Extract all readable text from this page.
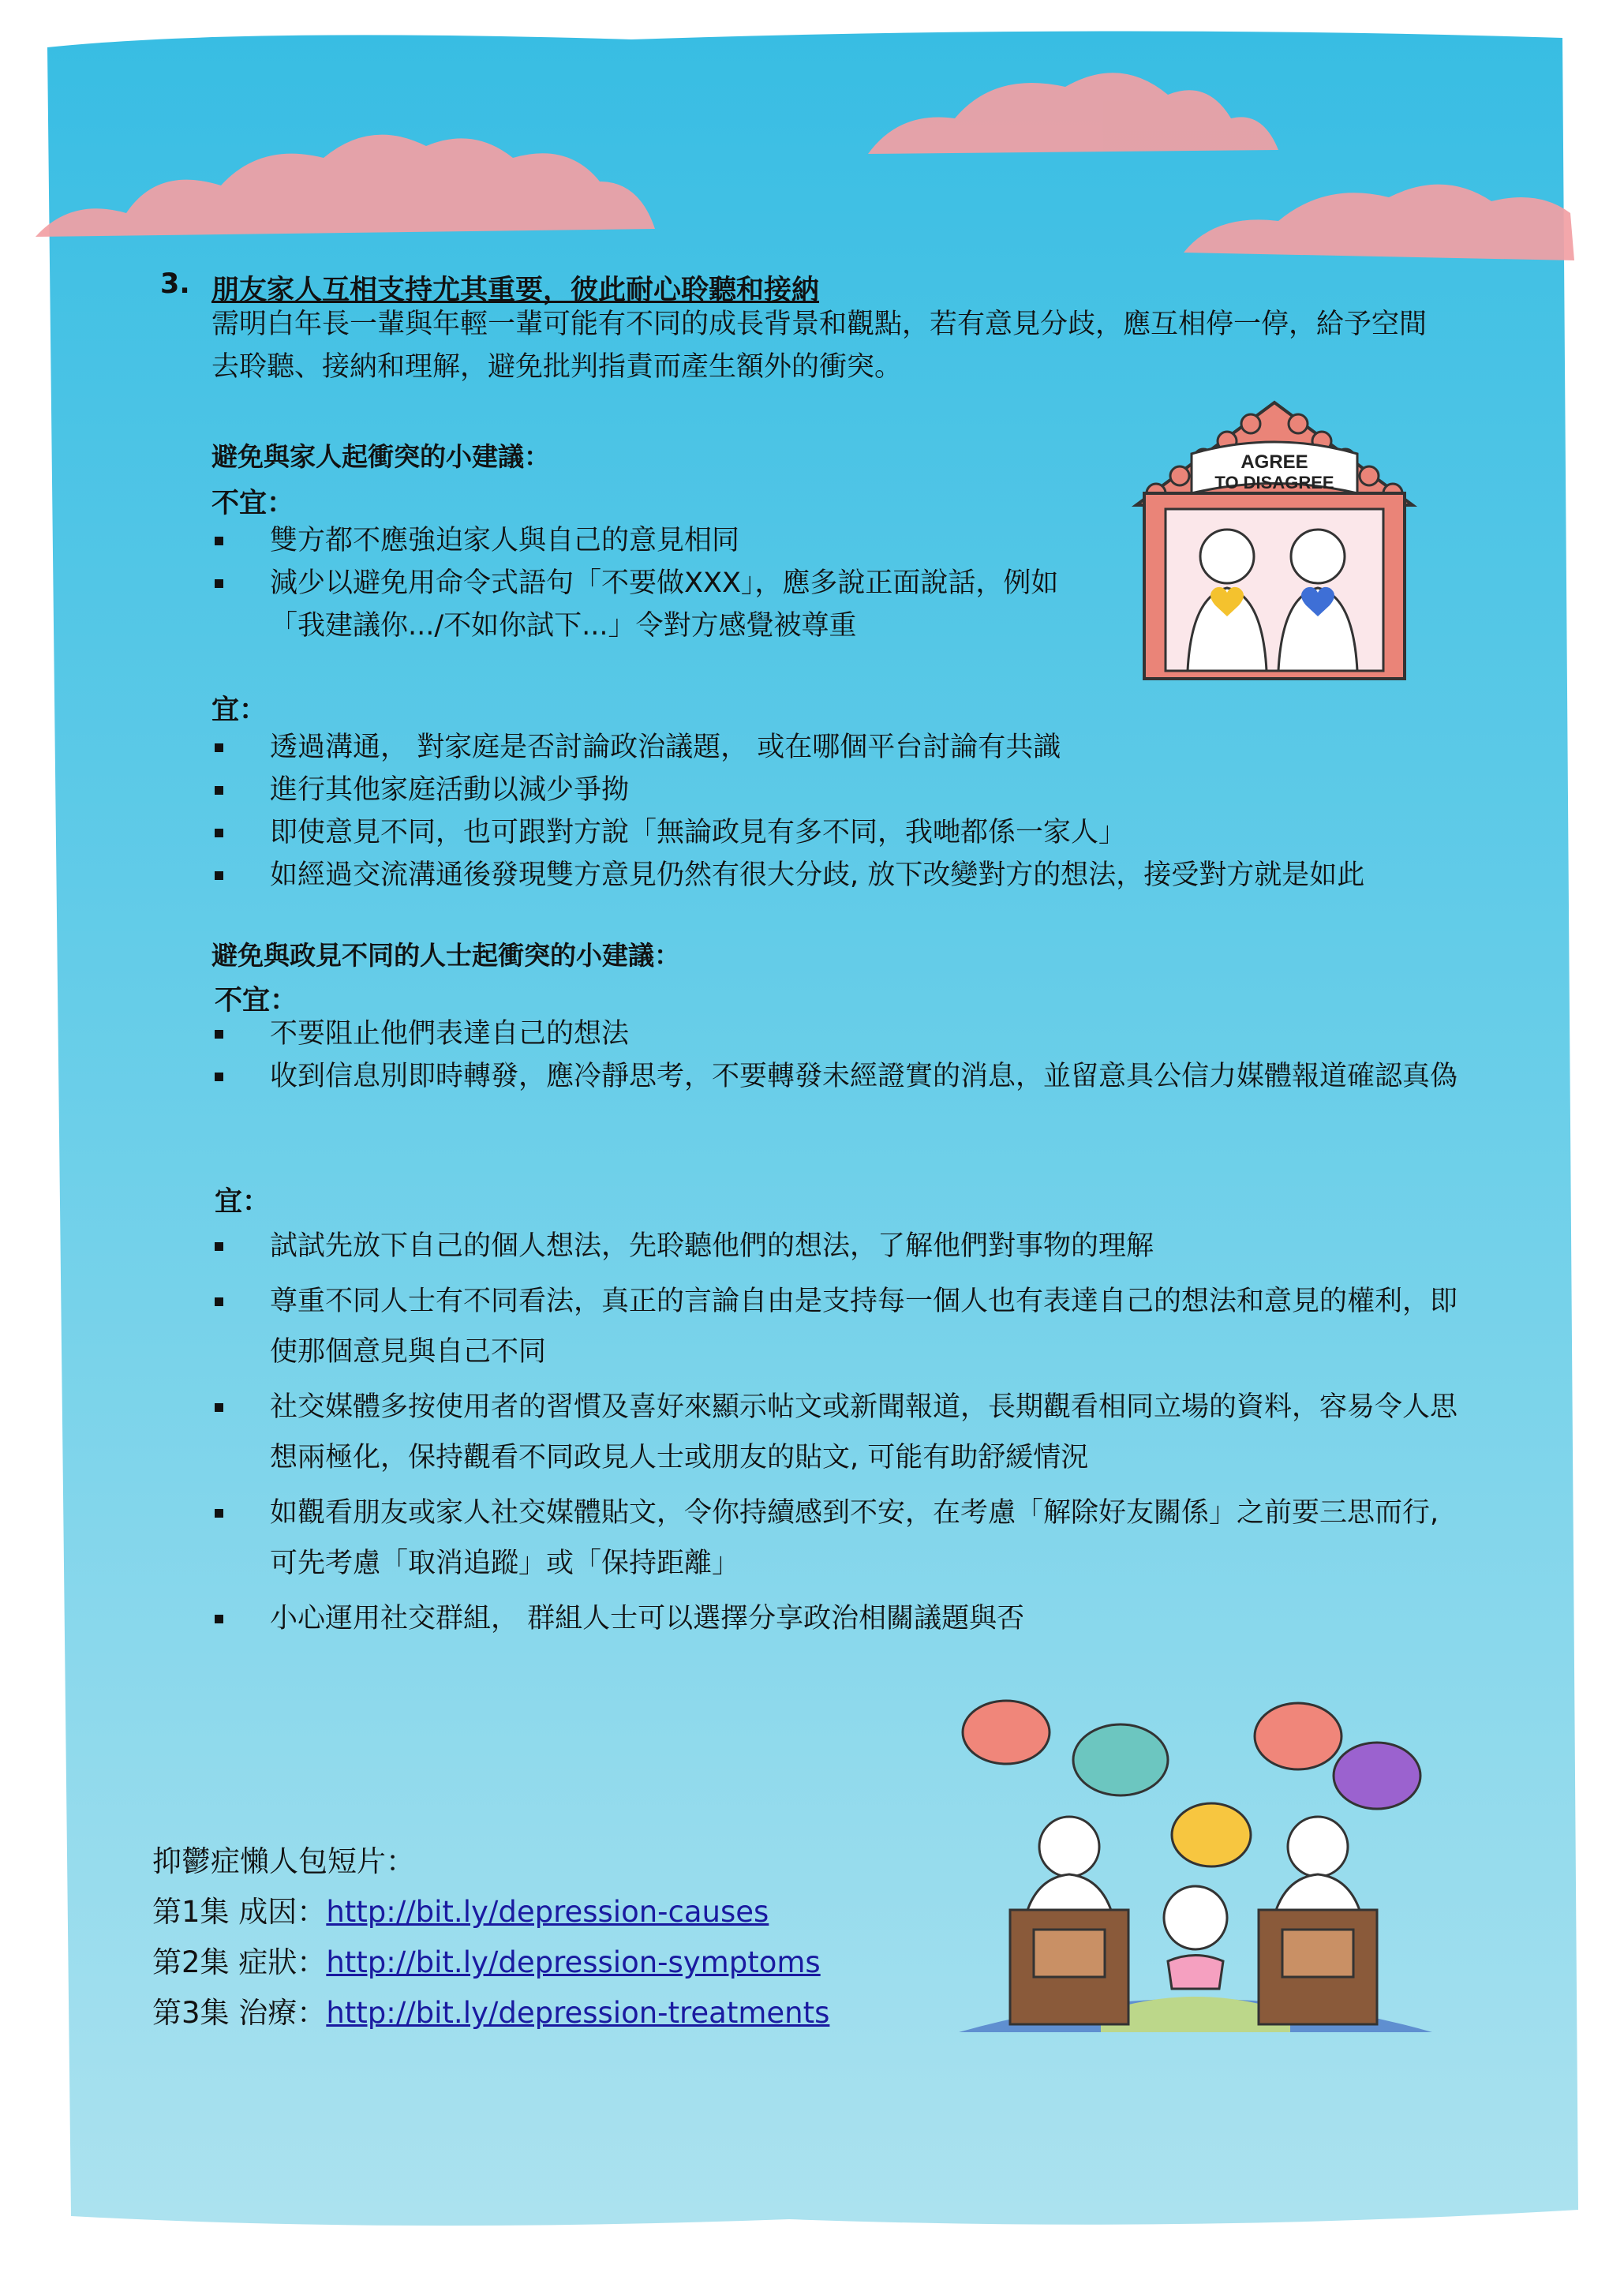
3. 朋友家人互相支持尤其重要，彼此耐心聆聽和接納
需明白年長一輩與年輕一輩可能有不同的成長背景和觀點，若有意見分歧，應互相停一停，給予空間去聆聽、接納和理解，避免批判指責而產生額外的衝突。
避免與家人起衝突的小建議：
不宜：
雙方都不應強迫家人與自己的意見相同
減少以避免用命令式語句「不要做XXX」，應多說正面說話，例如「我建議你.../不如你試下...」令對方感覺被尊重
宜：
透過溝通， 對家庭是否討論政治議題， 或在哪個平台討論有共識
進行其他家庭活動以減少爭拗
即使意見不同，也可跟對方說「無論政見有多不同，我哋都係一家人」
如經過交流溝通後發現雙方意見仍然有很大分歧, 放下改變對方的想法，接受對方就是如此
避免與政見不同的人士起衝突的小建議：
不宜：
不要阻止他們表達自己的想法
收到信息別即時轉發，應冷靜思考，不要轉發未經證實的消息，並留意具公信力媒體報道確認真偽
宜：
試試先放下自己的個人想法，先聆聽他們的想法，了解他們對事物的理解
尊重不同人士有不同看法，真正的言論自由是支持每一個人也有表達自己的想法和意見的權利，即使那個意見與自己不同
社交媒體多按使用者的習慣及喜好來顯示帖文或新聞報道，長期觀看相同立場的資料，容易令人思想兩極化，保持觀看不同政見人士或朋友的貼文, 可能有助舒緩情況
如觀看朋友或家人社交媒體貼文，令你持續感到不安，在考慮「解除好友關係」之前要三思而行, 可先考慮「取消追蹤」或「保持距離」
小心運用社交群組， 群組人士可以選擇分享政治相關議題與否
抑鬱症懶人包短片：
第1集 成因：http://bit.ly/depression-causes
第2集 症狀：http://bit.ly/depression-symptoms
第3集 治療：http://bit.ly/depression-treatments
AGREE
TO DISAGREE
